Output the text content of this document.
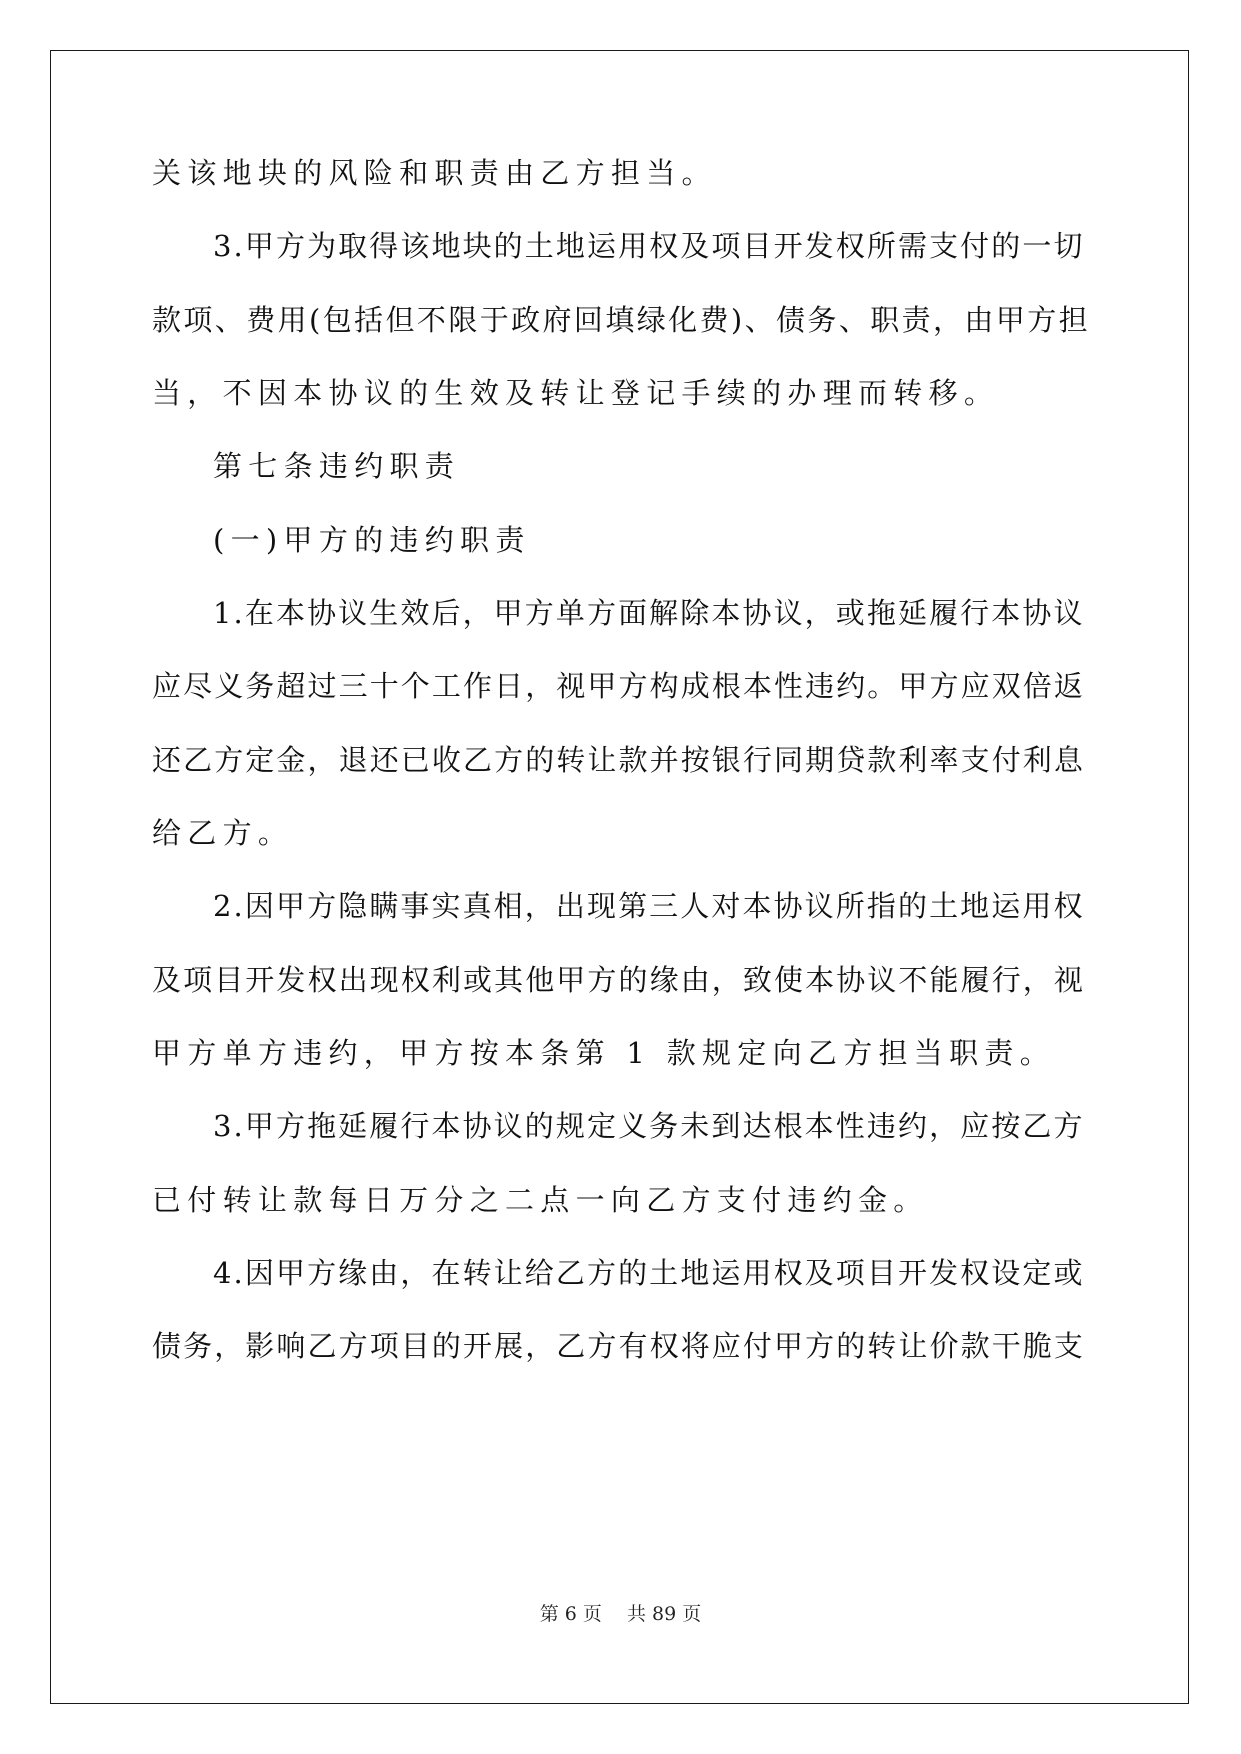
关该地块的风险和职责由乙方担当。
3.甲方为取得该地块的土地运用权及项目开发权所需支付的一切
款项、费用(包括但不限于政府回填绿化费)、债务、职责，由甲方担
当，不因本协议的生效及转让登记手续的办理而转移。
第七条违约职责
(一)甲方的违约职责
1.在本协议生效后，甲方单方面解除本协议，或拖延履行本协议
应尽义务超过三十个工作日，视甲方构成根本性违约。甲方应双倍返
还乙方定金，退还已收乙方的转让款并按银行同期贷款利率支付利息
给乙方。
2.因甲方隐瞒事实真相，出现第三人对本协议所指的土地运用权
及项目开发权出现权利或其他甲方的缘由，致使本协议不能履行，视
甲方单方违约，甲方按本条第 1 款规定向乙方担当职责。
3.甲方拖延履行本协议的规定义务未到达根本性违约，应按乙方
已付转让款每日万分之二点一向乙方支付违约金。
4.因甲方缘由，在转让给乙方的土地运用权及项目开发权设定或
债务，影响乙方项目的开展，乙方有权将应付甲方的转让价款干脆支
第 6 页　 共 89 页
